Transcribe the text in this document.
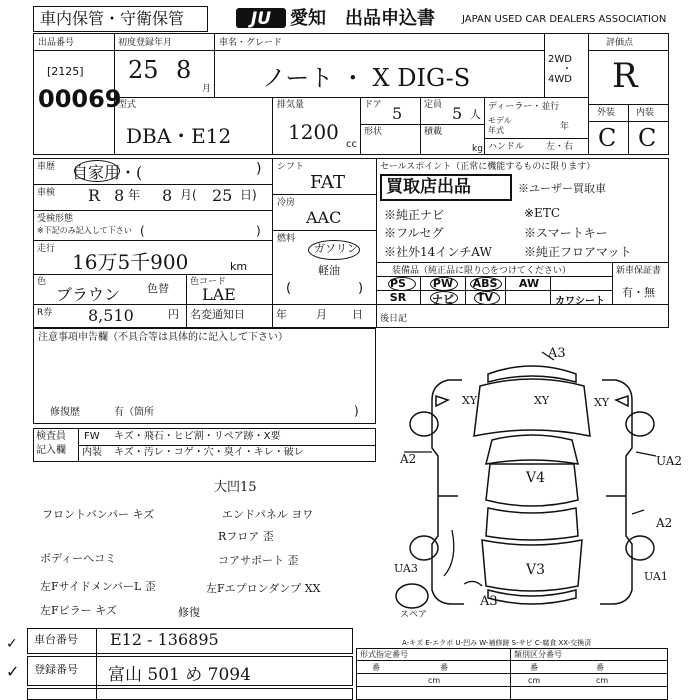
車内保管・守衛保管	JU 愛知 出品申込書	JAPAN USED CAR DEALERS ASSOCIATION
出品番号
[2125]
00069
初度登録年月
25 8
月
車名・グレード
ノート ・ X DIG-S
2WD
・
4WD
評価点
R
外装 内装
C C
型式
DBA・E12
排気量
1200
cc
ドア 5 定員 5 人
形状	積載
kg
ディーラー・並行
モデル年式	年
ハンドル 左・右
車歴 自家用・(	)
車検 R 8 年 8 月( 25 日)
受検形態
※下記のみ記入して下さい (	)
走行
16万5千900	km
色
ブラウン 色替 色コード
LAE
R券 8,510	円 名変通知日	年	月 日
シフト
FAT
冷房
AAC
燃料
ガソリン
軽油
(	)
セールスポイント（正常に機能するものに限ります）
買取店出品	※ユーザー買取車
※純正ナビ	※ETC
※フルセグ	※スマートキー
※社外14インチAW	※純正フロアマット
装備品（純正品に限り○をつけてください）	新車保証書
有・無
PS	PW	ABS	AW
SR	ナビ	TV	カワシート
後日記
注意事項申告欄（不具合等は具体的に記入して下さい）
修復歴	有（箇所	)
検査員
記入欄
FW キズ・飛石・ヒビ割・リペア跡・X要
内装 キズ・汚レ・コゲ・穴・臭イ・キレ・破レ
大凹15
フロントバンパー キズ	エンドパネル ヨワ
Rフロア 歪
ボディーへコミ	コアサポート 歪
左FサイドメンバーL 歪	左Fエプロンダンプ XX
左Fピラー キズ	修復
A3
XY	XY	XY
A2
V4
UA2
A2
V3	UA1
UA3
A3
スペア
A-キズ E-エクボ U-凹み W-補修跡 S-サビ C-腐食 XX-交換済
✓ 車台番号 E12 - 136895
✓ 登録番号 富山 501 め 7094
形式指定番号	類別区分番号
番	番	番	番
cm	cm	cm
